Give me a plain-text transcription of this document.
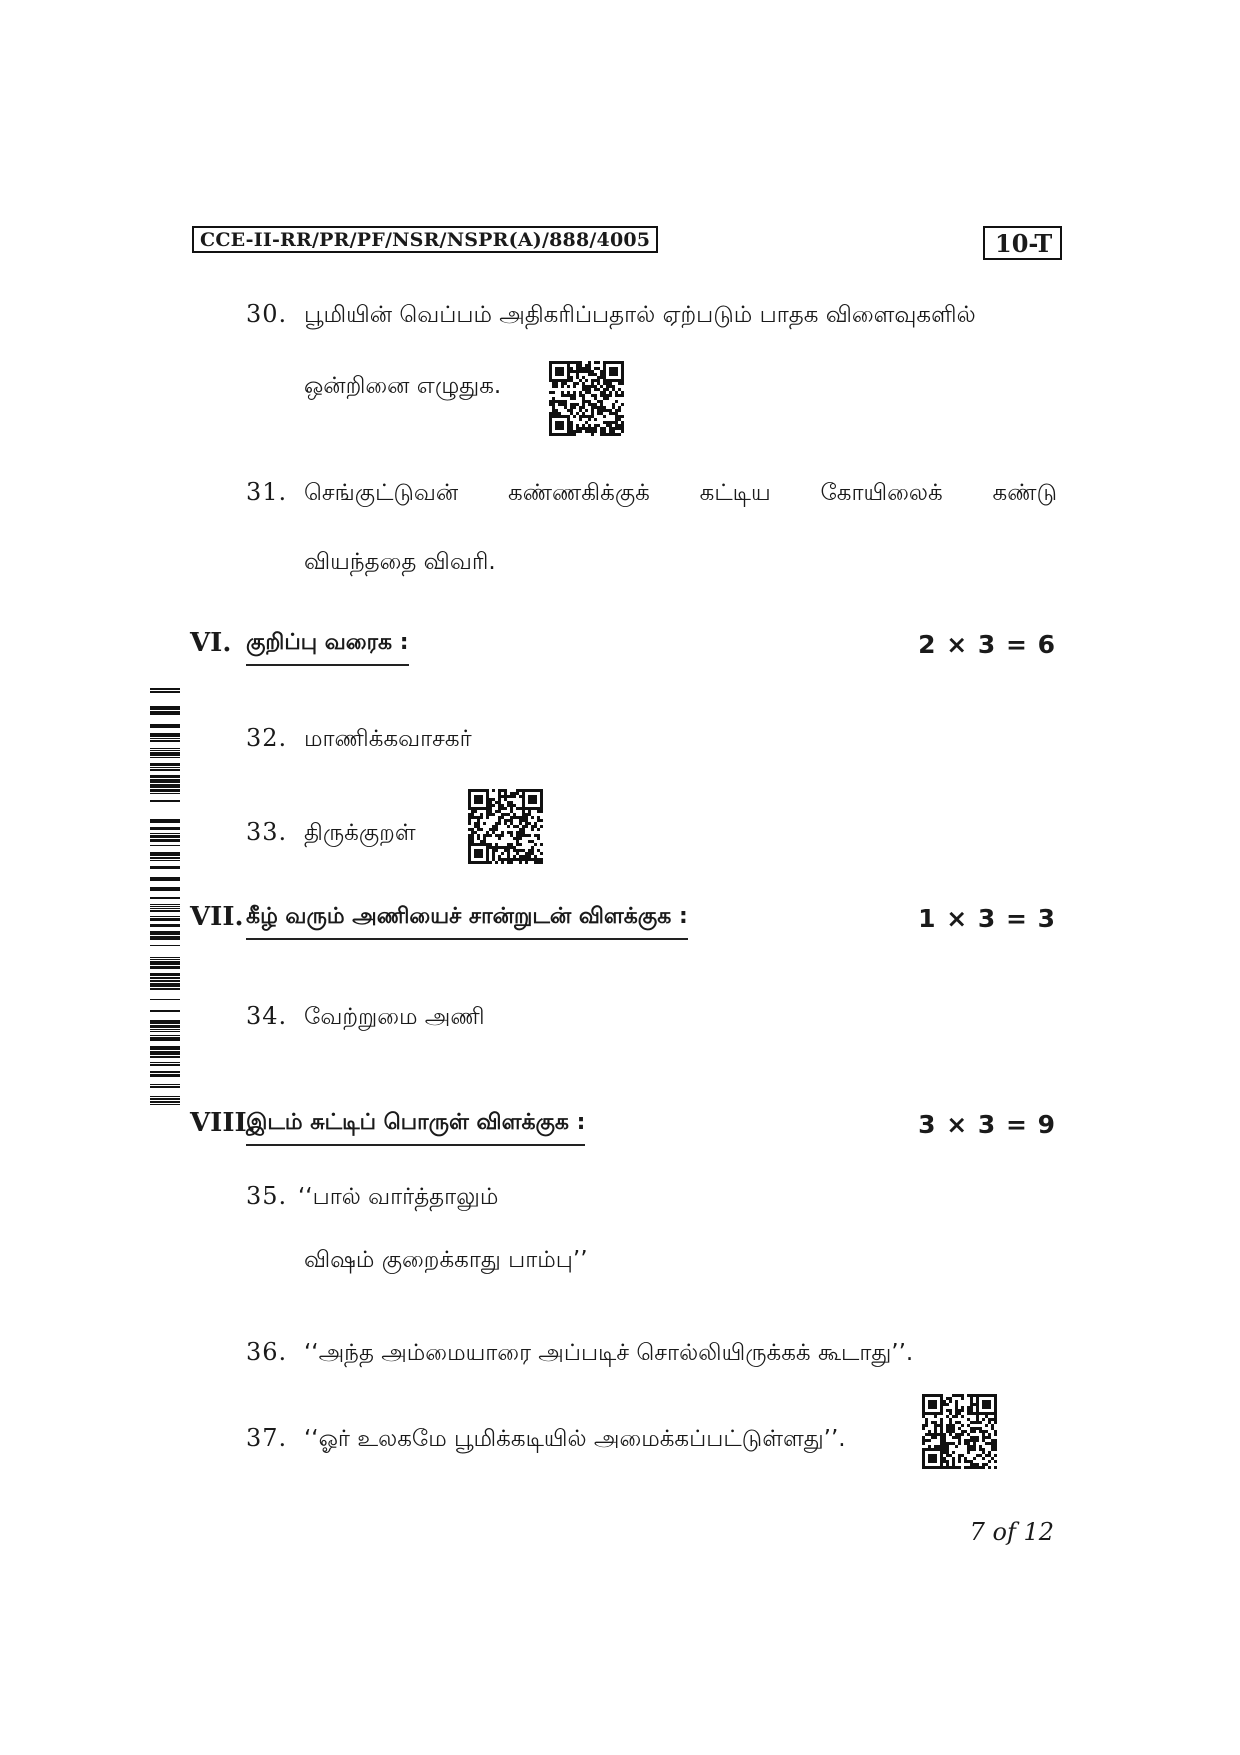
CCE-II-RR/PR/PF/NSR/NSPR(A)/888/4005	10-T
30. பூமியின் வெப்பம் அதிகரிப்பதால் ஏற்படும் பாதக விளைவுகளில்
ஒன்றினை எழுதுக.
31. செங்குட்டுவன் கண்ணகிக்குக் கட்டிய கோயிலைக் கண்டு
வியந்ததை விவரி.
VI. குறிப்பு வரைக :	2 × 3 = 6
32. மாணிக்கவாசகர்
33. திருக்குறள்
VII. கீழ் வரும் அணியைச் சான்றுடன் விளக்குக :	1 × 3 = 3
34. வேற்றுமை அணி
VIII.
இடம் சுட்டிப் பொருள் விளக்குக :	3 × 3 = 9
35. ‘‘பால் வார்த்தாலும்
விஷம் குறைக்காது பாம்பு’’
36. ‘‘அந்த அம்மையாரை அப்படிச் சொல்லியிருக்கக் கூடாது’’.
37. ‘‘ஓர் உலகமே பூமிக்கடியில் அமைக்கப்பட்டுள்ளது’’.
7 of 12
